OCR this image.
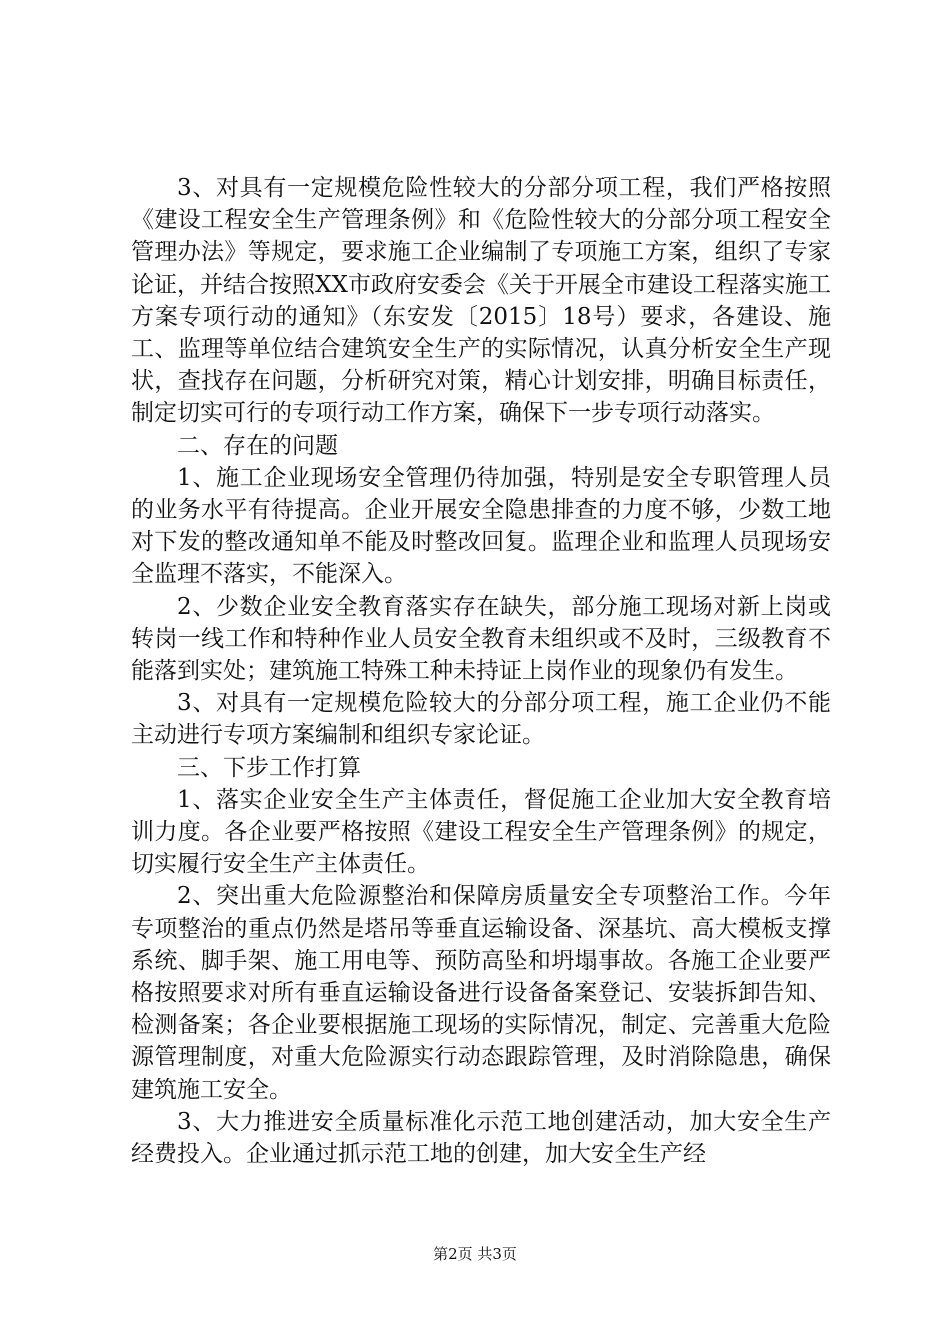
3、对具有一定规模危险性较大的分部分项工程，我们严格按照《建设工程安全生产管理条例》和《危险性较大的分部分项工程安全管理办法》等规定，要求施工企业编制了专项施工方案，组织了专家论证，并结合按照XX市政府安委会《关于开展全市建设工程落实施工方案专项行动的通知》（东安发〔2015〕18号）要求，各建设、施工、监理等单位结合建筑安全生产的实际情况，认真分析安全生产现状，查找存在问题，分析研究对策，精心计划安排，明确目标责任，制定切实可行的专项行动工作方案，确保下一步专项行动落实。

二、存在的问题

1、施工企业现场安全管理仍待加强，特别是安全专职管理人员的业务水平有待提高。企业开展安全隐患排查的力度不够，少数工地对下发的整改通知单不能及时整改回复。监理企业和监理人员现场安全监理不落实，不能深入。

2、少数企业安全教育落实存在缺失，部分施工现场对新上岗或转岗一线工作和特种作业人员安全教育未组织或不及时，三级教育不能落到实处；建筑施工特殊工种未持证上岗作业的现象仍有发生。

3、对具有一定规模危险较大的分部分项工程，施工企业仍不能主动进行专项方案编制和组织专家论证。

三、下步工作打算

1、落实企业安全生产主体责任，督促施工企业加大安全教育培训力度。各企业要严格按照《建设工程安全生产管理条例》的规定，切实履行安全生产主体责任。

2、突出重大危险源整治和保障房质量安全专项整治工作。今年专项整治的重点仍然是塔吊等垂直运输设备、深基坑、高大模板支撑系统、脚手架、施工用电等、预防高坠和坍塌事故。各施工企业要严格按照要求对所有垂直运输设备进行设备备案登记、安装拆卸告知、检测备案；各企业要根据施工现场的实际情况，制定、完善重大危险源管理制度，对重大危险源实行动态跟踪管理，及时消除隐患，确保建筑施工安全。

3、大力推进安全质量标准化示范工地创建活动，加大安全生产经费投入。企业通过抓示范工地的创建，加大安全生产经

第2页 共3页
